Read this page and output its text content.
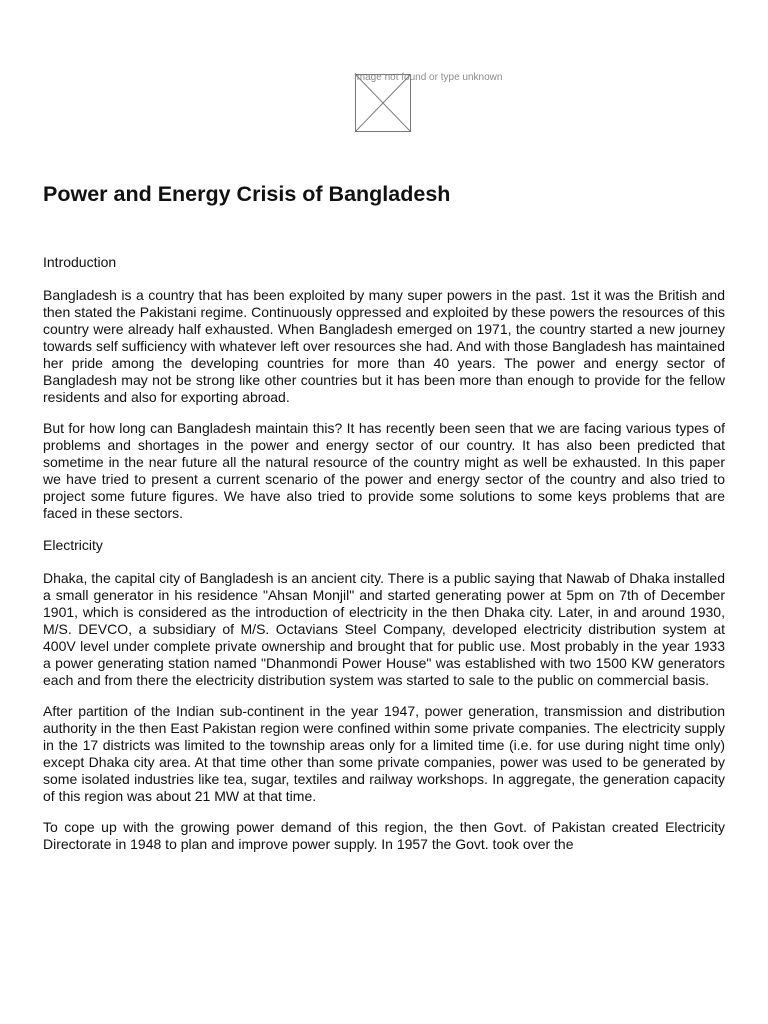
Image not found or type unknown
Power and Energy Crisis of Bangladesh
Introduction

Bangladesh is a country that has been exploited by many super powers in the past. 1st it was the British and then stated the Pakistani regime. Continuously oppressed and exploited by these powers the resources of this country were already half exhausted. When Bangladesh emerged on 1971, the country started a new journey towards self sufficiency with whatever left over resources she had. And with those Bangladesh has maintained her pride among the developing countries for more than 40 years. The power and energy sector of Bangladesh may not be strong like other countries but it has been more than enough to provide for the fellow residents and also for exporting abroad.

But for how long can Bangladesh maintain this? It has recently been seen that we are facing various types of problems and shortages in the power and energy sector of our country. It has also been predicted that sometime in the near future all the natural resource of the country might as well be exhausted. In this paper we have tried to present a current scenario of the power and energy sector of the country and also tried to project some future figures. We have also tried to provide some solutions to some keys problems that are faced in these sectors.

Electricity

Dhaka, the capital city of Bangladesh is an ancient city. There is a public saying that Nawab of Dhaka installed a small generator in his residence "Ahsan Monjil" and started generating power at 5pm on 7th of December 1901, which is considered as the introduction of electricity in the then Dhaka city. Later, in and around 1930, M/S. DEVCO, a subsidiary of M/S. Octavians Steel Company, developed electricity distribution system at 400V level under complete private ownership and brought that for public use. Most probably in the year 1933 a power generating station named "Dhanmondi Power House" was established with two 1500 KW generators each and from there the electricity distribution system was started to sale to the public on commercial basis.

After partition of the Indian sub-continent in the year 1947, power generation, transmission and distribution authority in the then East Pakistan region were confined within some private companies. The electricity supply in the 17 districts was limited to the township areas only for a limited time (i.e. for use during night time only) except Dhaka city area. At that time other than some private companies, power was used to be generated by some isolated industries like tea, sugar, textiles and railway workshops. In aggregate, the generation capacity of this region was about 21 MW at that time.

To cope up with the growing power demand of this region, the then Govt. of Pakistan created Electricity Directorate in 1948 to plan and improve power supply. In 1957 the Govt. took over the
